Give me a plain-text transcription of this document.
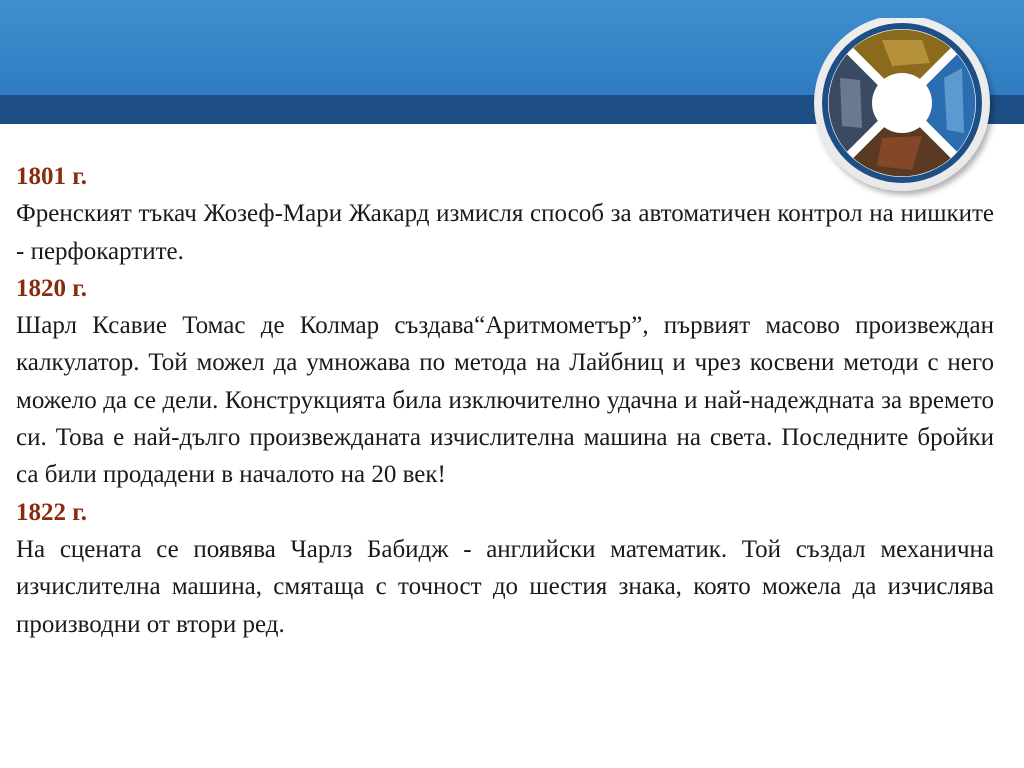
1801 г.
Френският тъкач Жозеф-Мари Жакард измисля способ за автоматичен контрол на нишките - перфокартите.
1820 г.
Шарл Ксавие Томас де Колмар създава“Аритмометър”, първият масово произвеждан калкулатор. Той можел да умножава по метода на Лайбниц и чрез косвени методи с него можело да се дели. Конструкцията била изключително удачна и най-надеждната за времето си. Това е най-дългo произвежданата изчислителна машина на света. Последните бройки са били продадени в началото на 20 век!
1822 г.
На сцената се появява Чарлз Бабидж - английски математик. Той създал механична изчислителна машина, смятаща с точност до шестия знака, която можела да изчислява производни от втори ред.
